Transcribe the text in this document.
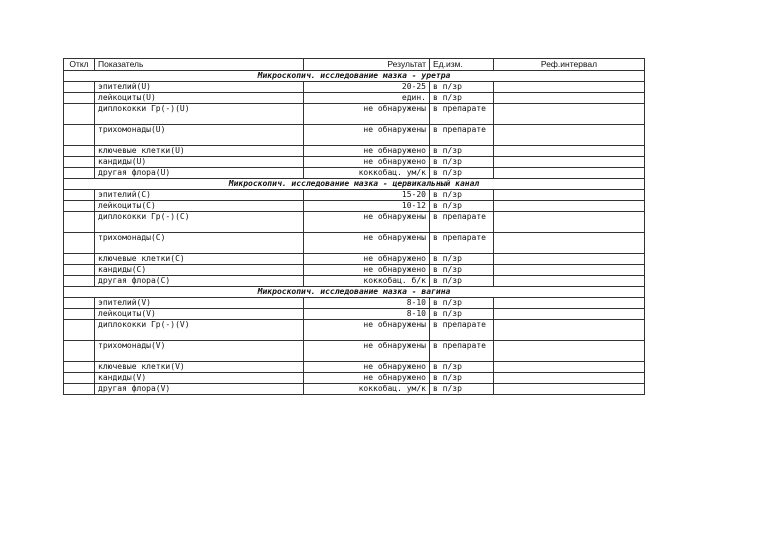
Откл	Показатель	Результат	Ед.изм.	Реф.интервал
Микроскопич. исследование мазка - уретра				
	эпителий(U)	20-25	в п/зр	
	лейкоциты(U)	един.	в п/зр	
	диплококки Гр(-)(U)	не обнаружены	в препарате	
	трихомонады(U)	не обнаружены	в препарате	
	ключевые клетки(U)	не обнаружено	в п/зр	
	кандиды(U)	не обнаружено	в п/зр	
	другая флора(U)	коккобац. ум/к	в п/зр	
Микроскопич. исследование мазка - цервикальный канал				
	эпителий(C)	15-20	в п/зр	
	лейкоциты(C)	10-12	в п/зр	
	диплококки Гр(-)(C)	не обнаружены	в препарате	
	трихомонады(C)	не обнаружены	в препарате	
	ключевые клетки(C)	не обнаружено	в п/зр	
	кандиды(C)	не обнаружено	в п/зр	
	другая флора(C)	коккобац. б/к	в п/зр	
Микроскопич. исследование мазка - вагина				
	эпителий(V)	8-10	в п/зр	
	лейкоциты(V)	8-10	в п/зр	
	диплококки Гр(-)(V)	не обнаружены	в препарате	
	трихомонады(V)	не обнаружены	в препарате	
	ключевые клетки(V)	не обнаружено	в п/зр	
	кандиды(V)	не обнаружено	в п/зр	
	другая флора(V)	коккобац. ум/к	в п/зр	
